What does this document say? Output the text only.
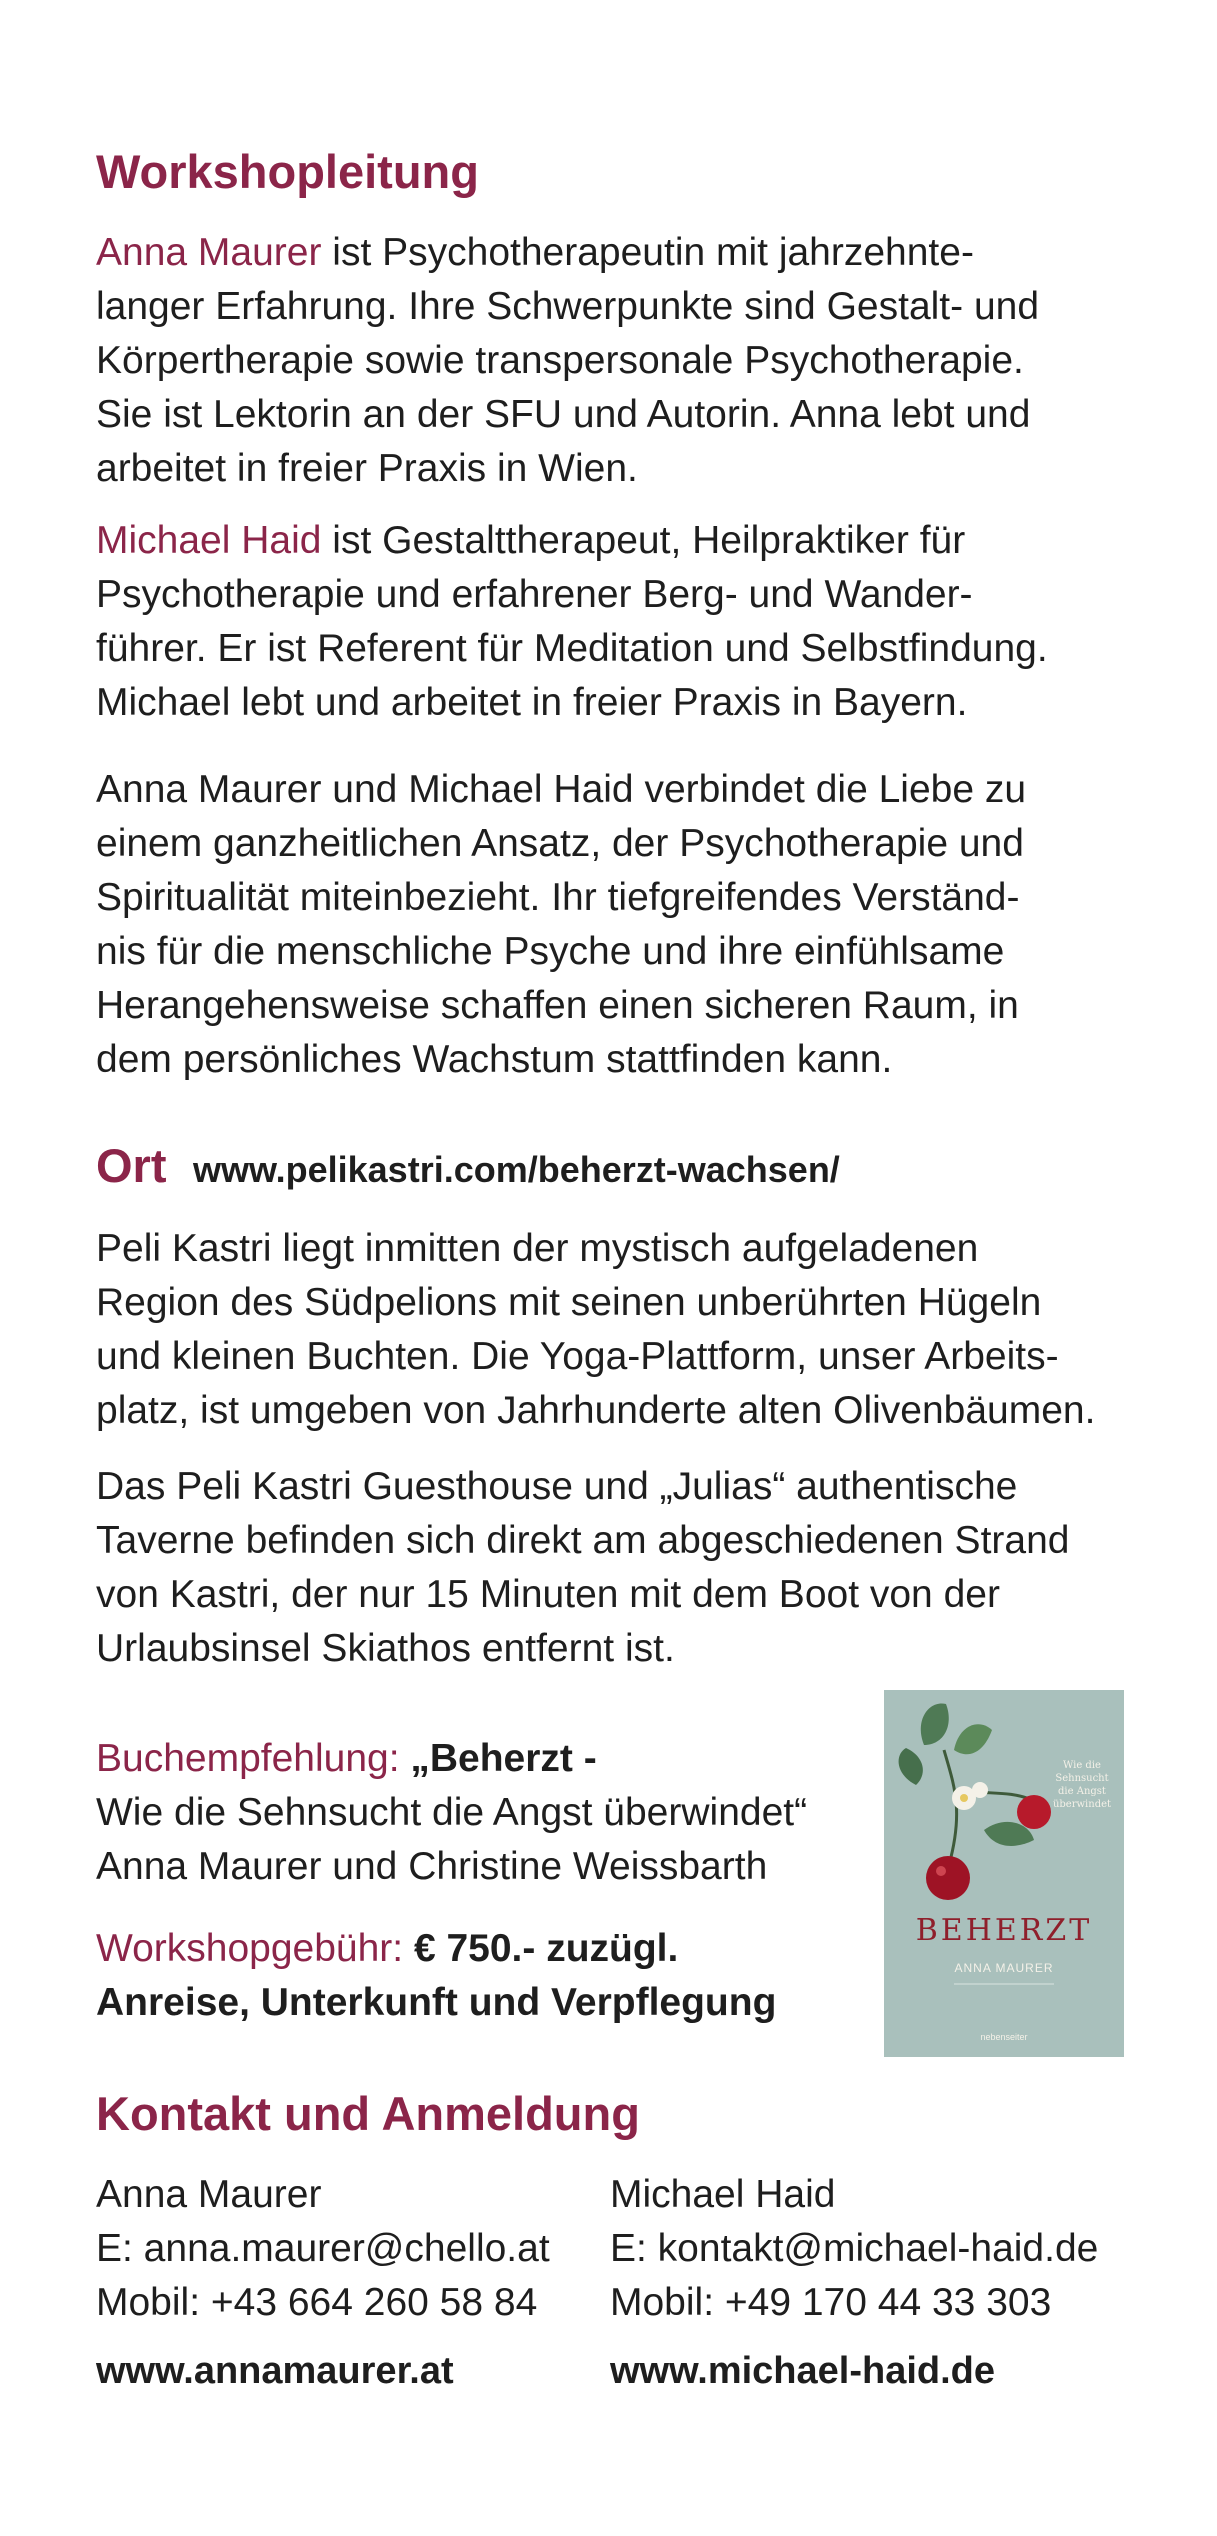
Workshopleitung

Anna Maurer ist Psychotherapeutin mit jahrzehnte-

langer Erfahrung. Ihre Schwerpunkte sind Gestalt- und

Körpertherapie sowie transpersonale Psychotherapie.

Sie ist Lektorin an der SFU und Autorin. Anna lebt und

arbeitet in freier Praxis in Wien.

Michael Haid ist Gestalttherapeut, Heilpraktiker für

Psychotherapie und erfahrener Berg- und Wander-

führer. Er ist Referent für Meditation und Selbstfindung.

Michael lebt und arbeitet in freier Praxis in Bayern.

Anna Maurer und Michael Haid verbindet die Liebe zu

einem ganzheitlichen Ansatz, der Psychotherapie und

Spiritualität miteinbezieht. Ihr tiefgreifendes Verständ-

nis für die menschliche Psyche und ihre einfühlsame

Herangehensweise schaffen einen sicheren Raum, in

dem persönliches Wachstum stattfinden kann.

Ort www.pelikastri.com/beherzt-wachsen/

Peli Kastri liegt inmitten der mystisch aufgeladenen

Region des Südpelions mit seinen unberührten Hügeln

und kleinen Buchten. Die Yoga-Plattform, unser Arbeits-

platz, ist umgeben von Jahrhunderte alten Olivenbäumen.

Das Peli Kastri Guesthouse und „Julias“ authentische

Taverne befinden sich direkt am abgeschiedenen Strand

von Kastri, der nur 15 Minuten mit dem Boot von der

Urlaubsinsel Skiathos entfernt ist.

Buchempfehlung: „Beherzt -

Wie die Sehnsucht die Angst überwindet“

Anna Maurer und Christine Weissbarth

Workshopgebühr: € 750.- zuzügl.

Anreise, Unterkunft und Verpflegung

Wie die
Sehnsucht
die Angst
überwindet
BEHERZT
ANNA MAURER
nebenseiter
Kontakt und Anmeldung
Anna Maurer
E: anna.maurer@chello.at
Mobil: +43 664 260 58 84
www.annamaurer.at
Michael Haid
E: kontakt@michael-haid.de
Mobil: +49 170 44 33 303
www.michael-haid.de
